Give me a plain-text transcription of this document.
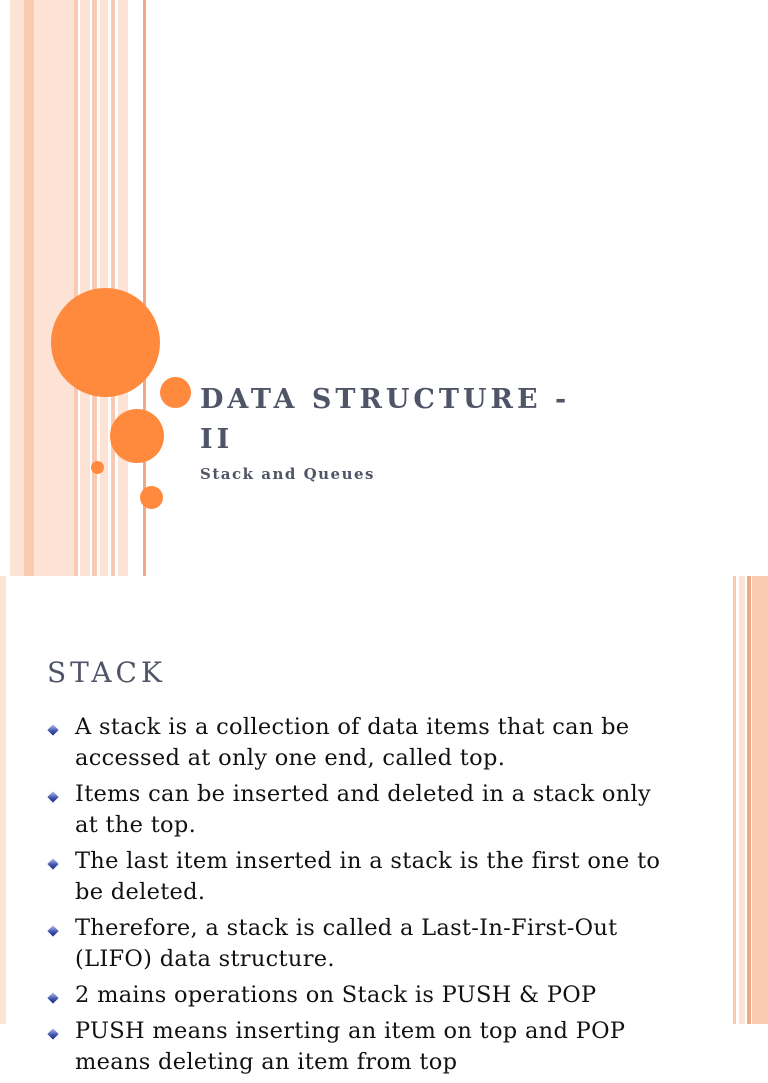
DATA STRUCTURE -
II

Stack and Queues

STACK
A stack is a collection of data items that can be accessed at only one end, called top.
Items can be inserted and deleted in a stack only at the top.
The last item inserted in a stack is the first one to be deleted.
Therefore, a stack is called a Last-In-First-Out (LIFO) data structure.
2 mains operations on Stack is PUSH & POP
PUSH means inserting an item on top and POP means deleting an item from top
